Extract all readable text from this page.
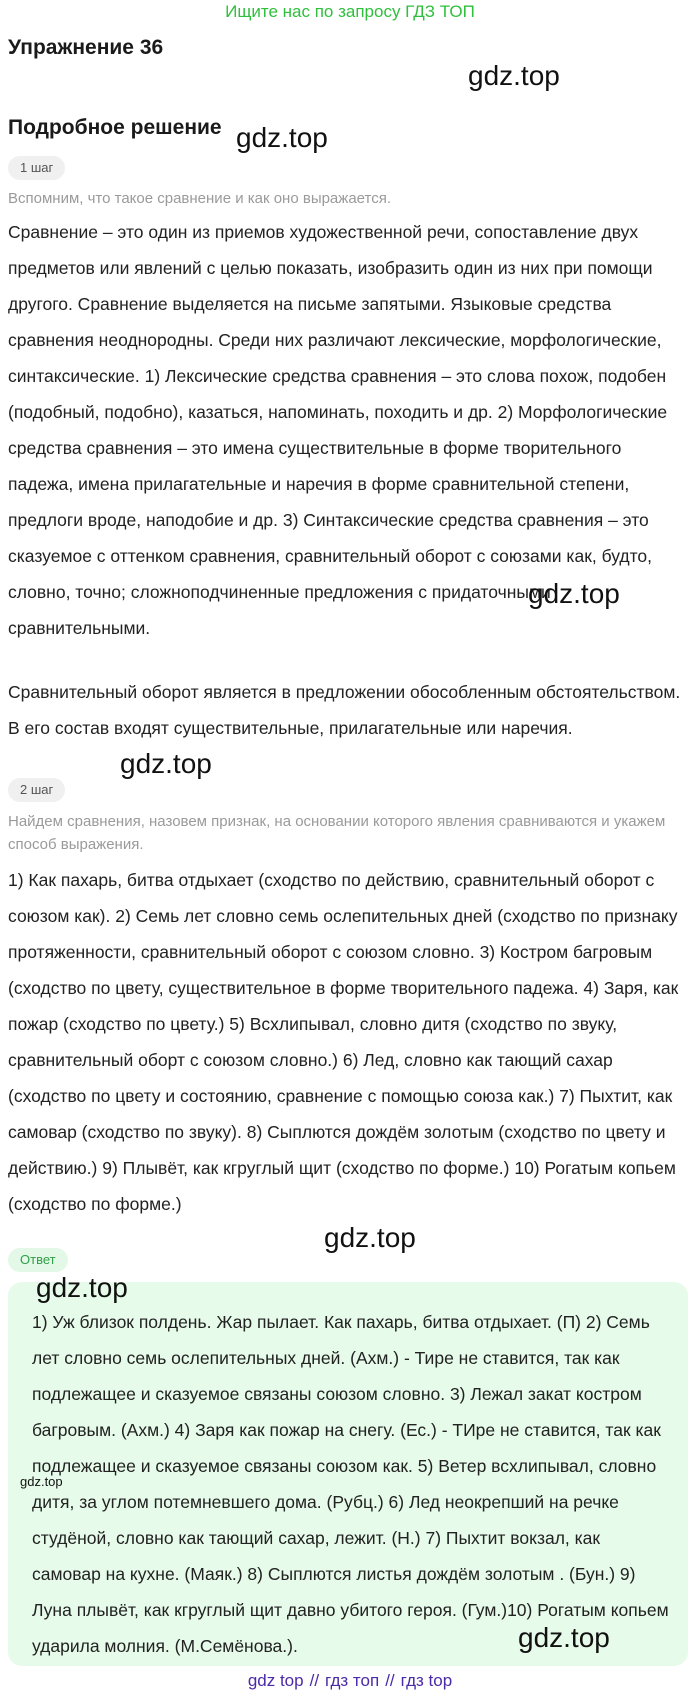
Ищите нас по запросу ГДЗ ТОП
Упражнение 36
gdz.top
Подробное решение gdz.top
1 шаг
Вспомним, что такое сравнение и как оно выражается.
Сравнение – это один из приемов художественной речи, сопоставление двух предметов или явлений с целью показать, изобразить один из них при помощи другого. Сравнение выделяется на письме запятыми. Языковые средства сравнения неоднородны. Среди них различают лексические, морфологические, синтаксические. 1) Лексические средства сравнения – это слова похож, подобен (подобный, подобно), казаться, напоминать, походить и др. 2) Морфологические средства сравнения – это имена существительные в форме творительного падежа, имена прилагательные и наречия в форме сравнительной степени, предлоги вроде, наподобие и др. 3) Синтаксические средства сравнения – это сказуемое с оттенком сравнения, сравнительный оборот с союзами как, будто, словно, точно; сложноподчиненные предложения с придаточными сравнительными.
gdz.top
Сравнительный оборот является в предложении обособленным обстоятельством. В его состав входят существительные, прилагательные или наречия.
gdz.top
2 шаг
Найдем сравнения, назовем признак, на основании которого явления сравниваются и укажем способ выражения.
1) Как пахарь, битва отдыхает (сходство по действию, сравнительный оборот с союзом как). 2) Семь лет словно семь ослепительных дней (сходство по признаку протяженности, сравнительный оборот с союзом словно. 3) Костром багровым (сходство по цвету, существительное в форме творительного падежа. 4) Заря, как пожар (сходство по цвету.) 5) Всхлипывал, словно дитя (сходство по звуку, сравнительный оборт с союзом словно.) 6) Лед, словно как тающий сахар (сходство по цвету и состоянию, сравнение с помощью союза как.) 7) Пыхтит, как самовар (сходство по звуку). 8) Сыплются дождём золотым (сходство по цвету и действию.) 9) Плывёт, как кгруглый щит (сходство по форме.) 10) Рогатым копьем (сходство по форме.)
gdz.top
Ответ
gdz.top
1) Уж близок полдень. Жар пылает. Как пахарь, битва отдыхает. (П) 2) Семь лет словно семь ослепительных дней. (Ахм.) - Тире не ставится, так как подлежащее и сказуемое связаны союзом словно. 3) Лежал закат костром багровым. (Ахм.) 4) Заря как пожар на снегу. (Ес.) - ТИре не ставится, так как подлежащее и сказуемое связаны союзом как. 5) Ветер всхлипывал, словно дитя, за углом потемневшего дома. (Рубц.) 6) Лед неокрепший на речке студёной, словно как тающий сахар, лежит. (Н.) 7) Пыхтит вокзал, как самовар на кухне. (Маяк.) 8) Сыплются листья дождём золотым . (Бун.) 9) Луна плывёт, как кгруглый щит давно убитого героя. (Гум.)10) Рогатым копьем ударила молния. (М.Семёнова.).
gdz.top
gdz.top
gdz top // гдз топ // гдз top
